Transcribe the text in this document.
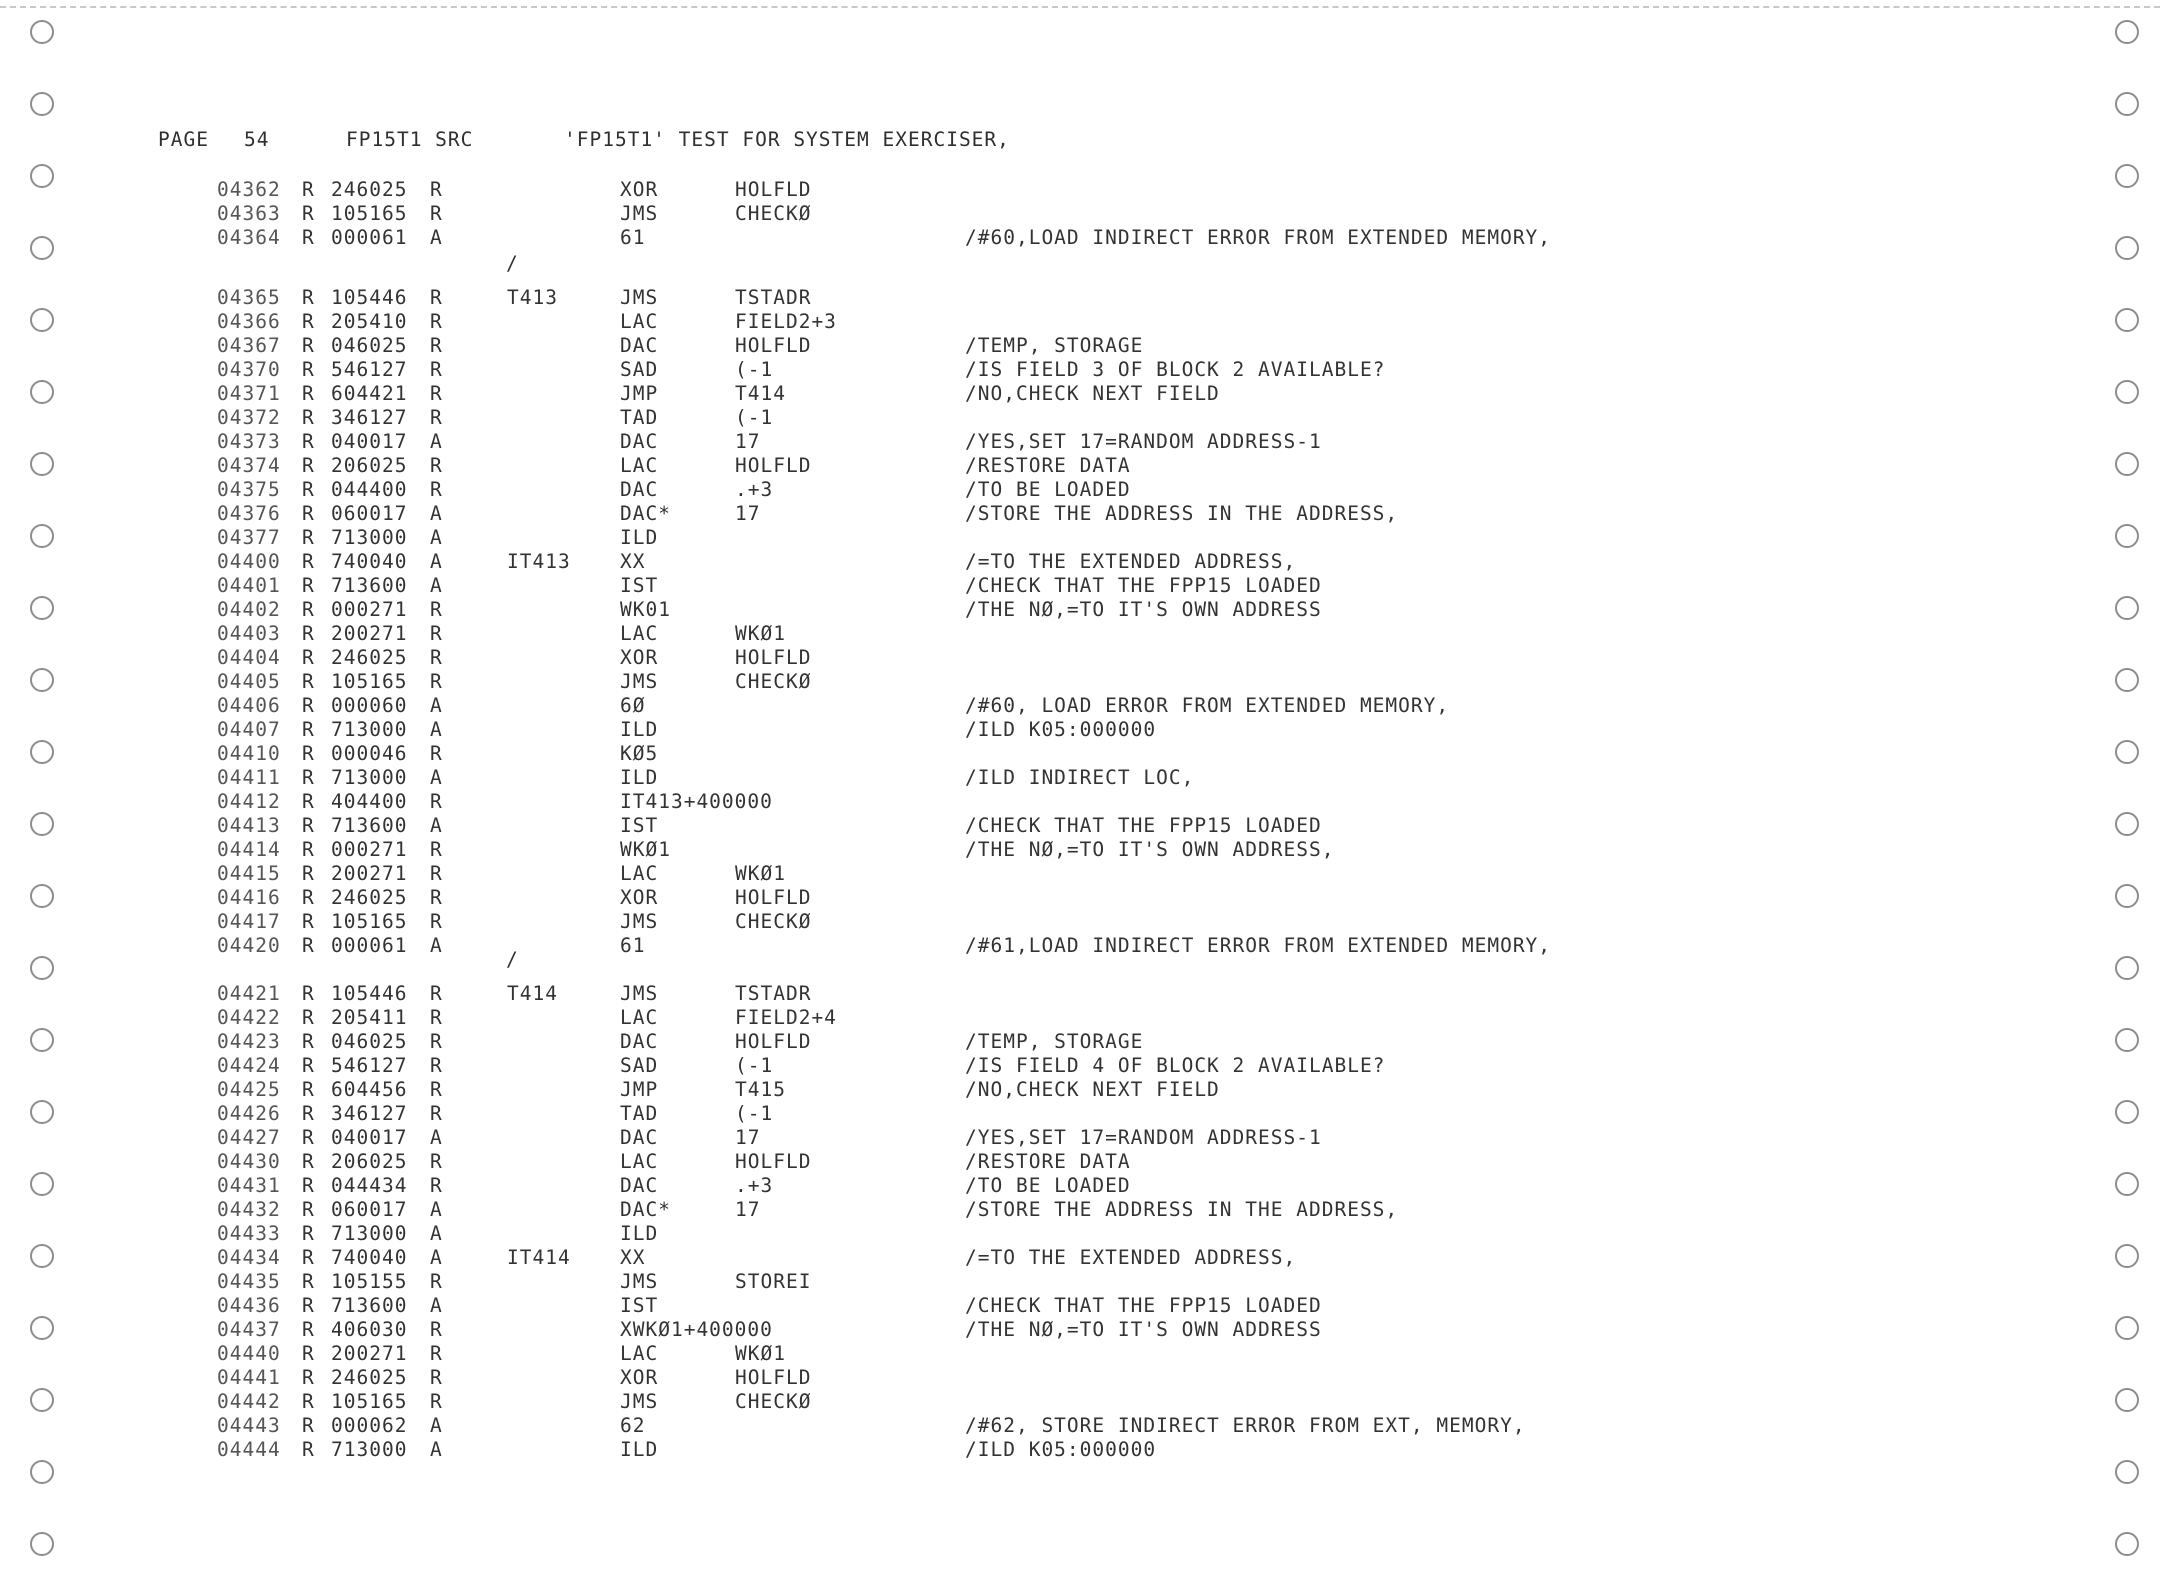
PAGE

54

	FP15T1 SRC

	'FP15T1' TEST FOR SYSTEM EXERCISER,

04362 R 246025 R	XOR	HOLFLD
04363 R 105165 R	JMS	CHECKØ
04364 R 000061 A	61	/#60,LOAD INDIRECT ERROR FROM EXTENDED MEMORY,
04365 R 105446 R	T413	JMS	TSTADR
04366 R 205410 R	LAC	FIELD2+3
04367 R 046025 R	DAC	HOLFLD	/TEMP, STORAGE
04370 R 546127 R	SAD	(-1	/IS FIELD 3 OF BLOCK 2 AVAILABLE?
04371 R 604421 R	JMP	T414	/NO,CHECK NEXT FIELD
04372 R 346127 R	TAD	(-1
04373 R 040017 A	DAC	17	/YES,SET 17=RANDOM ADDRESS-1
04374 R 206025 R	LAC	HOLFLD	/RESTORE DATA
04375 R 044400 R	DAC	.+3	/TO BE LOADED
04376 R 060017 A	DAC*	17	/STORE THE ADDRESS IN THE ADDRESS,
04377 R 713000 A	ILD
04400 R 740040 A	IT413	XX	/=TO THE EXTENDED ADDRESS,
04401 R 713600 A	IST	/CHECK THAT THE FPP15 LOADED
04402 R 000271 R	WK01	/THE NØ,=TO IT'S OWN ADDRESS
04403 R 200271 R	LAC	WKØ1
04404 R 246025 R	XOR	HOLFLD
04405 R 105165 R	JMS	CHECKØ
04406 R 000060 A	6Ø	/#60, LOAD ERROR FROM EXTENDED MEMORY,
04407 R 713000 A	ILD	/ILD K05:000000
04410 R 000046 R	KØ5
04411 R 713000 A	ILD	/ILD INDIRECT LOC,
04412 R 404400 R	IT413+400000
04413 R 713600 A	IST	/CHECK THAT THE FPP15 LOADED
04414 R 000271 R	WKØ1	/THE NØ,=TO IT'S OWN ADDRESS,
04415 R 200271 R	LAC	WKØ1
04416 R 246025 R	XOR	HOLFLD
04417 R 105165 R	JMS	CHECKØ
04420 R 000061 A	61	/#61,LOAD INDIRECT ERROR FROM EXTENDED MEMORY,
04421 R 105446 R	T414	JMS	TSTADR
04422 R 205411 R	LAC	FIELD2+4
04423 R 046025 R	DAC	HOLFLD	/TEMP, STORAGE
04424 R 546127 R	SAD	(-1	/IS FIELD 4 OF BLOCK 2 AVAILABLE?
04425 R 604456 R	JMP	T415	/NO,CHECK NEXT FIELD
04426 R 346127 R	TAD	(-1
04427 R 040017 A	DAC	17	/YES,SET 17=RANDOM ADDRESS-1
04430 R 206025 R	LAC	HOLFLD	/RESTORE DATA
04431 R 044434 R	DAC	.+3	/TO BE LOADED
04432 R 060017 A	DAC*	17	/STORE THE ADDRESS IN THE ADDRESS,
04433 R 713000 A	ILD
04434 R 740040 A	IT414	XX	/=TO THE EXTENDED ADDRESS,
04435 R 105155 R	JMS	STOREI
04436 R 713600 A	IST	/CHECK THAT THE FPP15 LOADED
04437 R 406030 R	XWKØ1+400000	/THE NØ,=TO IT'S OWN ADDRESS
04440 R 200271 R	LAC	WKØ1
04441 R 246025 R	XOR	HOLFLD
04442 R 105165 R	JMS	CHECKØ
04443 R 000062 A	62	/#62, STORE INDIRECT ERROR FROM EXT, MEMORY,
04444 R 713000 A	ILD	/ILD K05:000000
/
/
